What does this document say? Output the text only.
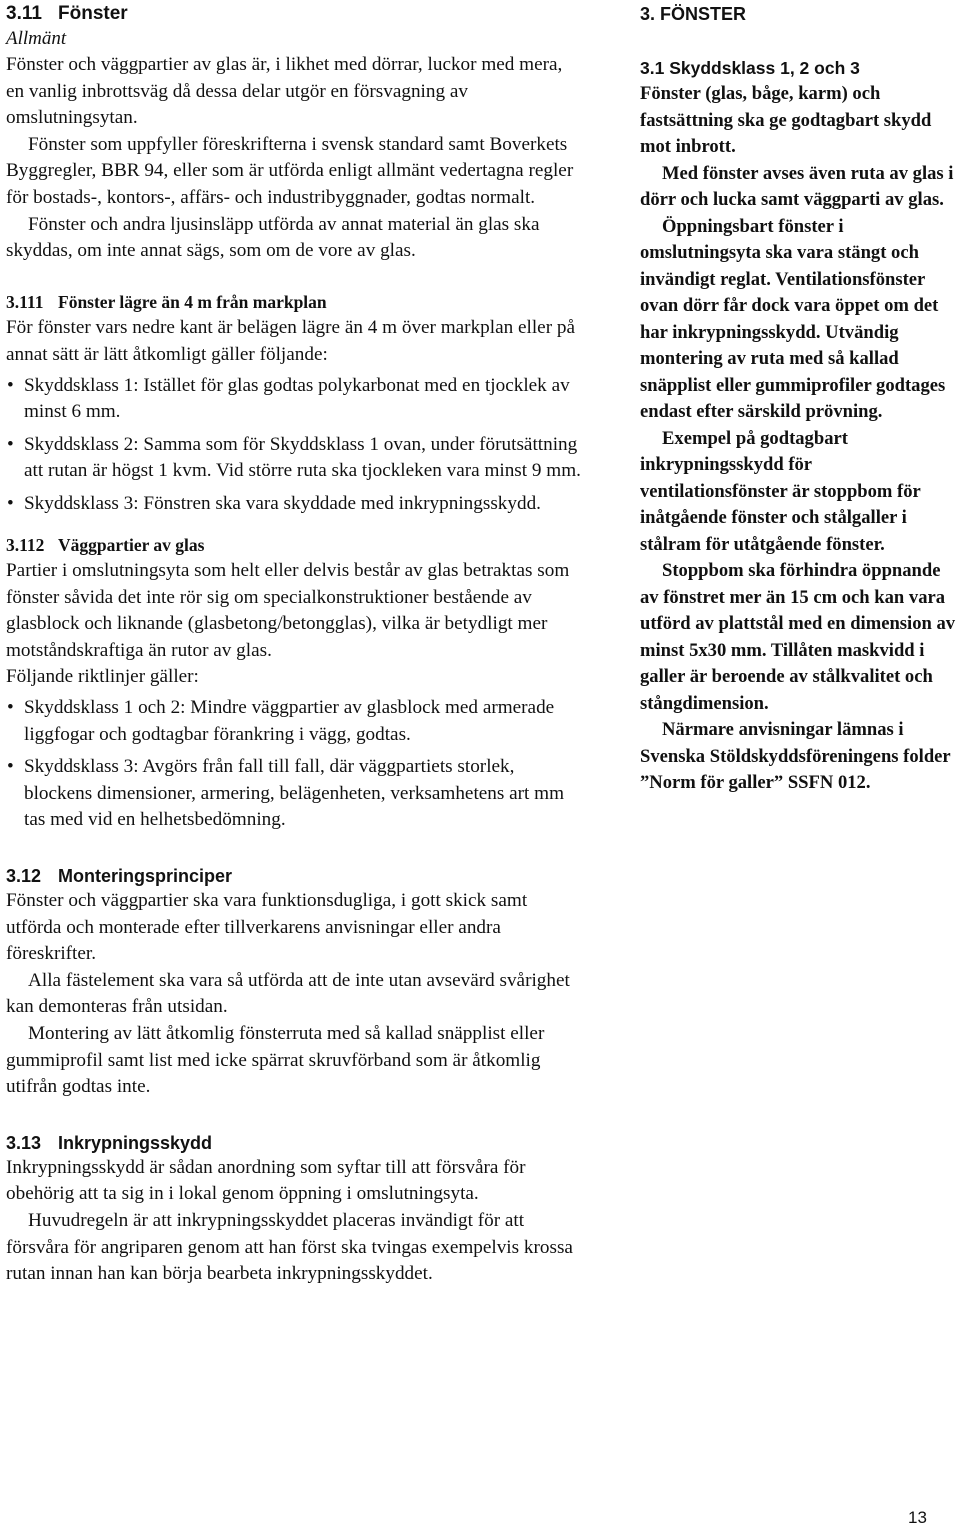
3.11 Fönster

Allmänt

Fönster och väggpartier av glas är, i likhet med dörrar, luckor med mera, en vanlig inbrottsväg då dessa delar utgör en försvagning av omslutningsytan.

Fönster som uppfyller föreskrifterna i svensk standard samt Boverkets Byggregler, BBR 94, eller som är utförda enligt allmänt vedertagna regler för bostads-, kontors-, affärs- och industribyggnader, godtas normalt.

Fönster och andra ljusinsläpp utförda av annat material än glas ska skyddas, om inte annat sägs, som om de vore av glas.

3.111 Fönster lägre än 4 m från markplan

För fönster vars nedre kant är belägen lägre än 4 m över markplan eller på annat sätt är lätt åtkomligt gäller följande:

• Skyddsklass 1: Istället för glas godtas polykarbonat med en tjocklek av minst 6 mm.
• Skyddsklass 2: Samma som för Skyddsklass 1 ovan, under förutsättning att rutan är högst 1 kvm. Vid större ruta ska tjockleken vara minst 9 mm.
• Skyddsklass 3: Fönstren ska vara skyddade med inkrypningsskydd.

3.112 Väggpartier av glas

Partier i omslutningsyta som helt eller delvis består av glas betraktas som fönster såvida det inte rör sig om specialkonstruktioner bestående av glasblock och liknande (glasbetong/betongglas), vilka är betydligt mer motståndskraftiga än rutor av glas.

Följande riktlinjer gäller:

• Skyddsklass 1 och 2: Mindre väggpartier av glasblock med armerade liggfogar och godtagbar förankring i vägg, godtas.
• Skyddsklass 3: Avgörs från fall till fall, där väggpartiets storlek, blockens dimensioner, armering, belägenheten, verksamhetens art mm tas med vid en helhetsbedömning.
3.12 Monteringsprinciper

Fönster och väggpartier ska vara funktionsdugliga, i gott skick samt utförda och monterade efter tillverkarens anvisningar eller andra föreskrifter.

Alla fästelement ska vara så utförda att de inte utan avsevärd svårighet kan demonteras från utsidan.

Montering av lätt åtkomlig fönsterruta med så kallad snäpplist eller gummiprofil samt list med icke spärrat skruvförband som är åtkomlig utifrån godtas inte.

3.13 Inkrypningsskydd

Inkrypningsskydd är sådan anordning som syftar till att försvåra för obehörig att ta sig in i lokal genom öppning i omslutningsyta.

Huvudregeln är att inkrypningsskyddet placeras invändigt för att försvåra för angriparen genom att han först ska tvingas exempelvis krossa rutan innan han kan börja bearbeta inkrypningsskyddet.

3. FÖNSTER
3.1 Skyddsklass 1, 2 och 3

Fönster (glas, båge, karm) och fastsättning ska ge godtagbart skydd mot inbrott.

Med fönster avses även ruta av glas i dörr och lucka samt väggparti av glas.

Öppningsbart fönster i omslutningsyta ska vara stängt och invändigt reglat. Ventilationsfönster ovan dörr får dock vara öppet om det har inkrypningsskydd. Utvändig montering av ruta med så kallad snäpplist eller gummiprofiler godtages endast efter särskild prövning.

Exempel på godtagbart inkrypningsskydd för ventilationsfönster är stoppbom för inåtgående fönster och stålgaller i stålram för utåtgående fönster.

Stoppbom ska förhindra öppnande av fönstret mer än 15 cm och kan vara utförd av plattstål med en dimension av minst 5x30 mm. Tillåten maskvidd i galler är beroende av stålkvalitet och stångdimension.

Närmare anvisningar lämnas i Svenska Stöldskyddsföreningens folder ”Norm för galler” SSFN 012.

13
